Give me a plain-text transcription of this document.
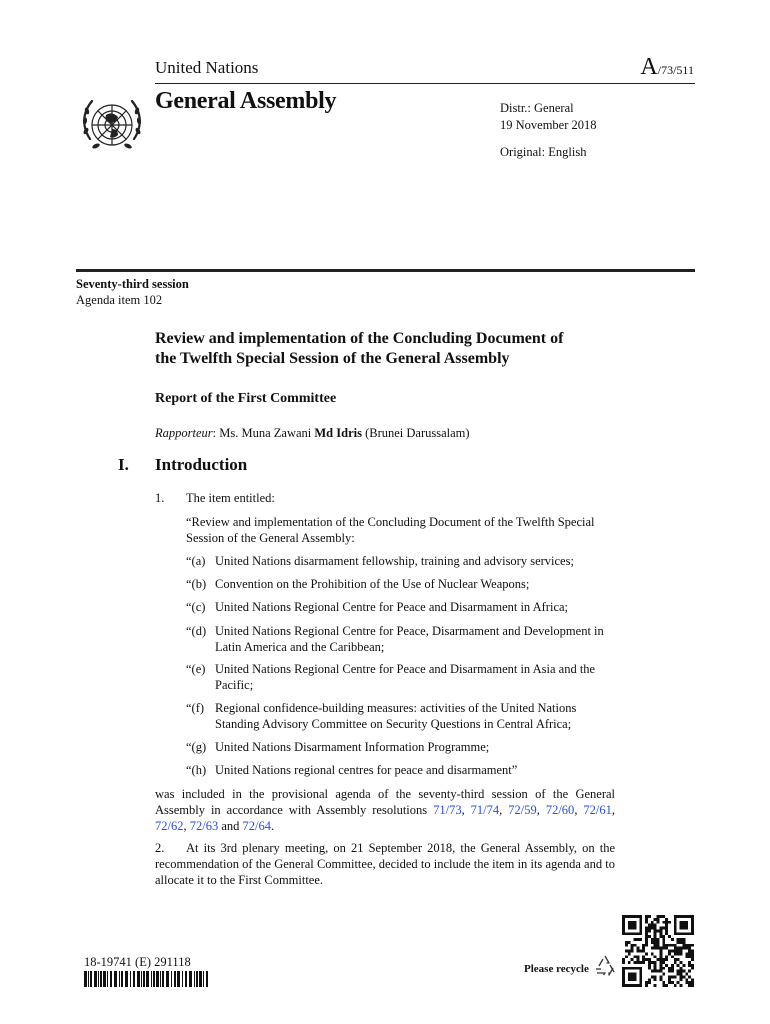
United Nations	A/73/511
General Assembly	Distr.: General
19 November 2018
Original: English
Seventy-third session
Agenda item 102
Review and implementation of the Concluding Document of
the Twelfth Special Session of the General Assembly
Report of the First Committee
Rapporteur: Ms. Muna Zawani Md Idris (Brunei Darussalam)
I. Introduction
1. The item entitled:
“Review and implementation of the Concluding Document of the Twelfth Special Session of the General Assembly:
“(a) United Nations disarmament fellowship, training and advisory services;
“(b) Convention on the Prohibition of the Use of Nuclear Weapons;
“(c) United Nations Regional Centre for Peace and Disarmament in Africa;
“(d) United Nations Regional Centre for Peace, Disarmament and Development in Latin America and the Caribbean;
“(e) United Nations Regional Centre for Peace and Disarmament in Asia and the Pacific;
“(f) Regional confidence-building measures: activities of the United Nations Standing Advisory Committee on Security Questions in Central Africa;
“(g) United Nations Disarmament Information Programme;
“(h) United Nations regional centres for peace and disarmament”
was included in the provisional agenda of the seventy-third session of the General Assembly in accordance with Assembly resolutions 71/73, 71/74, 72/59, 72/60, 72/61, 72/62, 72/63 and 72/64.
2. At its 3rd plenary meeting, on 21 September 2018, the General Assembly, on the recommendation of the General Committee, decided to include the item in its agenda and to allocate it to the First Committee.
18-19741 (E) 291118	Please recycle
